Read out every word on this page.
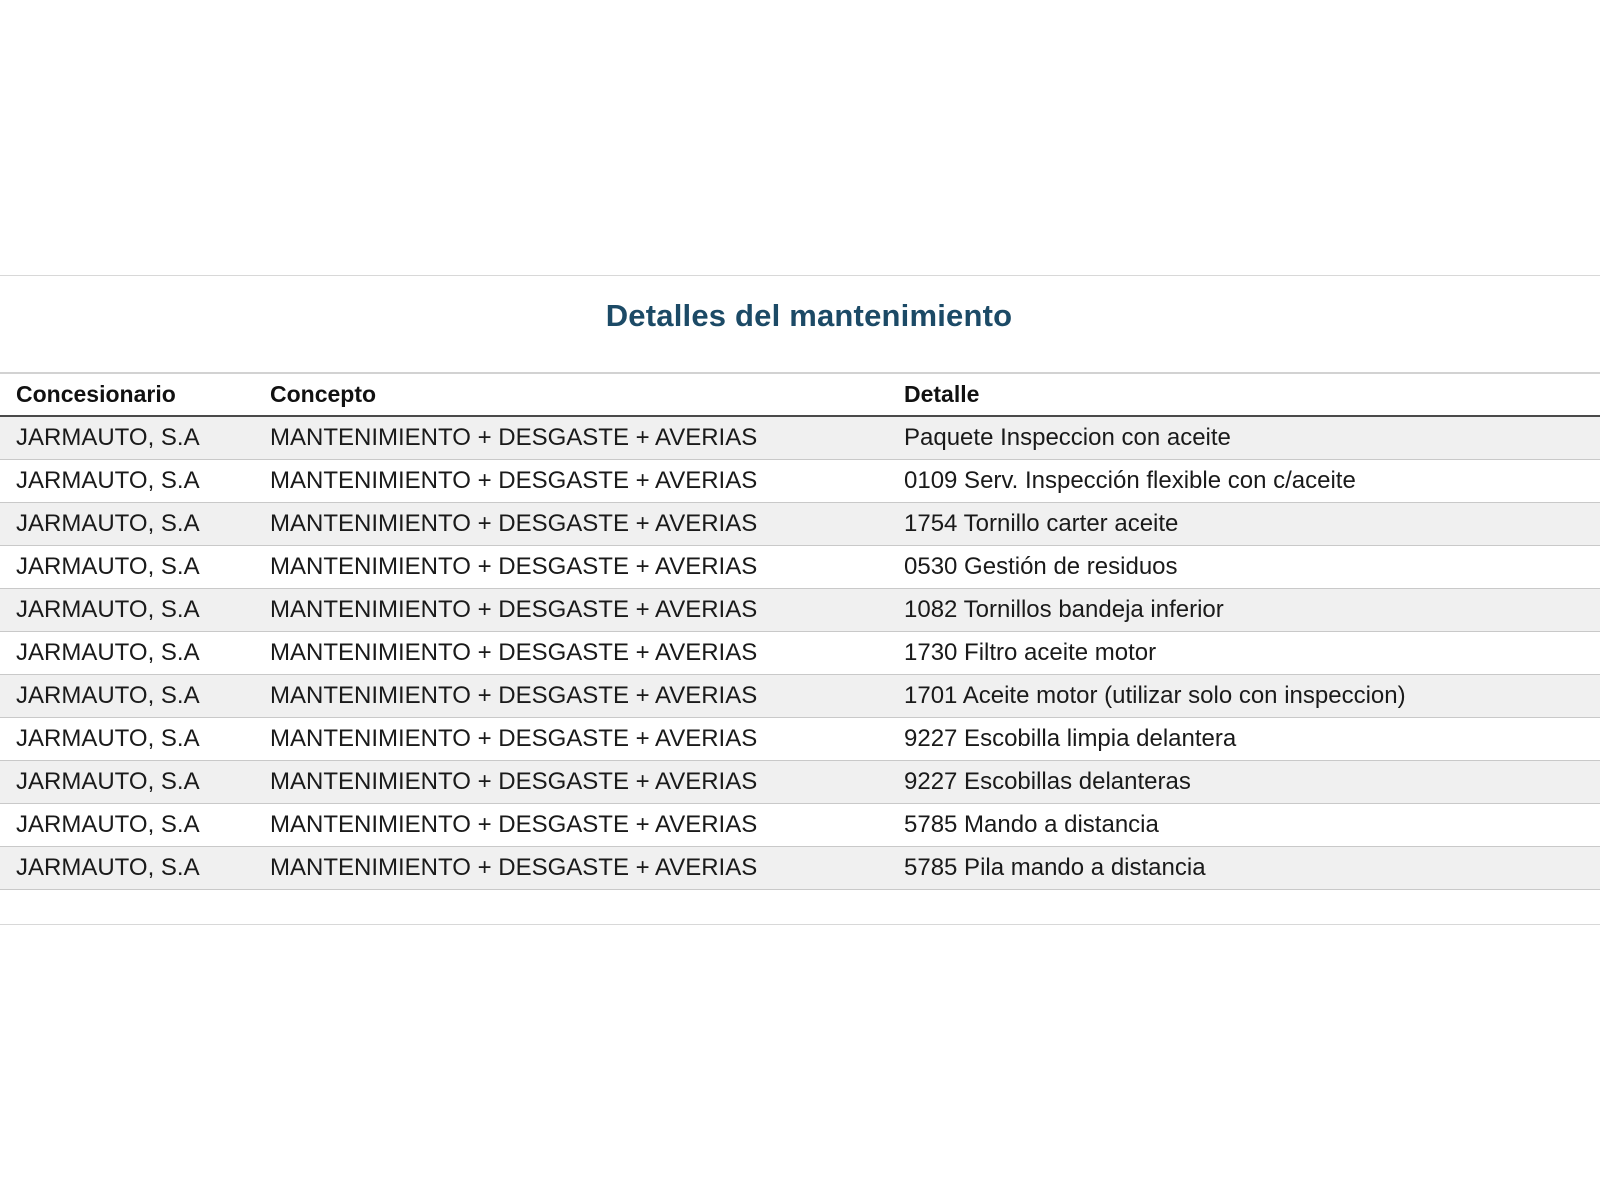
Detalles del mantenimiento
Concesionario	Concepto	Detalle
JARMAUTO, S.A	MANTENIMIENTO + DESGASTE + AVERIAS	Paquete Inspeccion con aceite
JARMAUTO, S.A	MANTENIMIENTO + DESGASTE + AVERIAS	0109 Serv. Inspección flexible con c/aceite
JARMAUTO, S.A	MANTENIMIENTO + DESGASTE + AVERIAS	1754 Tornillo carter aceite
JARMAUTO, S.A	MANTENIMIENTO + DESGASTE + AVERIAS	0530 Gestión de residuos
JARMAUTO, S.A	MANTENIMIENTO + DESGASTE + AVERIAS	1082 Tornillos bandeja inferior
JARMAUTO, S.A	MANTENIMIENTO + DESGASTE + AVERIAS	1730 Filtro aceite motor
JARMAUTO, S.A	MANTENIMIENTO + DESGASTE + AVERIAS	1701 Aceite motor (utilizar solo con inspeccion)
JARMAUTO, S.A	MANTENIMIENTO + DESGASTE + AVERIAS	9227 Escobilla limpia delantera
JARMAUTO, S.A	MANTENIMIENTO + DESGASTE + AVERIAS	9227 Escobillas delanteras
JARMAUTO, S.A	MANTENIMIENTO + DESGASTE + AVERIAS	5785 Mando a distancia
JARMAUTO, S.A	MANTENIMIENTO + DESGASTE + AVERIAS	5785 Pila mando a distancia
